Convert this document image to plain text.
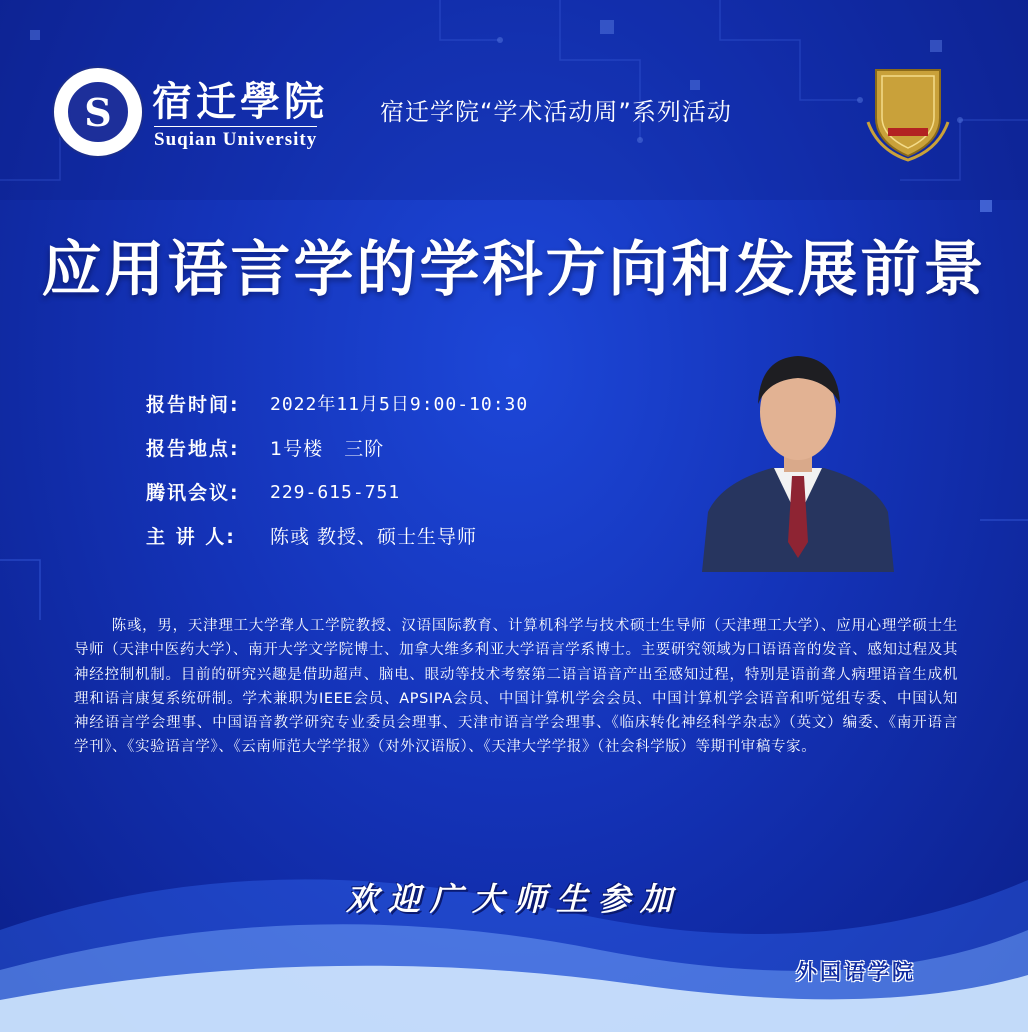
S	宿迁學院
Suqian University
宿迁学院“学术活动周”系列活动
应用语言学的学科方向和发展前景
报告时间: 2022年11月5日9:00-10:30
报告地点: 1号楼   三阶
腾讯会议: 229-615-751
主 讲 人: 陈彧 教授、硕士生导师
陈彧，男，天津理工大学聋人工学院教授、汉语国际教育、计算机科学与技术硕士生导师（天津理工大学）、应用心理学硕士生导师（天津中医药大学）、南开大学文学院博士、加拿大维多利亚大学语言学系博士。主要研究领域为口语语音的发音、感知过程及其神经控制机制。目前的研究兴趣是借助超声、脑电、眼动等技术考察第二语言语音产出至感知过程，特别是语前聋人病理语音生成机理和语言康复系统研制。学术兼职为IEEE会员、APSIPA会员、中国计算机学会会员、中国计算机学会语音和听觉组专委、中国认知神经语言学会理事、中国语音教学研究专业委员会理事、天津市语言学会理事、《临床转化神经科学杂志》（英文）编委、《南开语言学刊》、《实验语言学》、《云南师范大学学报》（对外汉语版）、《天津大学学报》（社会科学版）等期刊审稿专家。
欢迎广大师生参加
外国语学院
